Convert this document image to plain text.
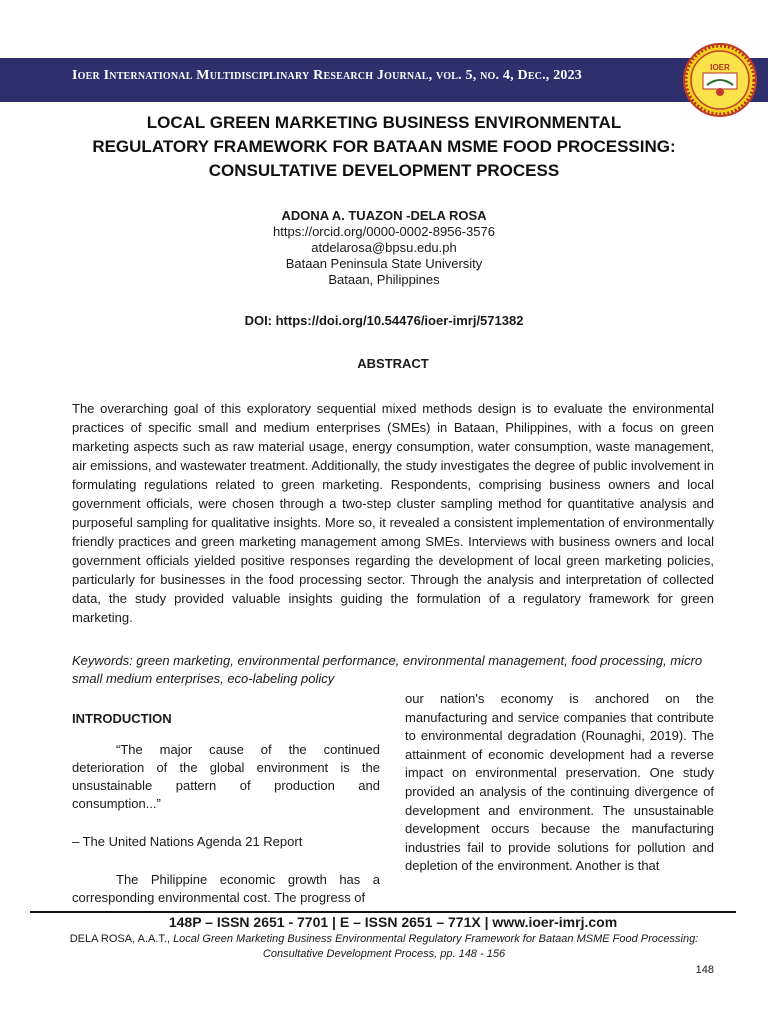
Ioer International Multidisciplinary Research Journal, vol. 5, no. 4, Dec., 2023
IOER
LOCAL GREEN MARKETING BUSINESS ENVIRONMENTAL
REGULATORY FRAMEWORK FOR BATAAN MSME FOOD PROCESSING:
CONSULTATIVE DEVELOPMENT PROCESS
ADONA A. TUAZON -DELA ROSA
https://orcid.org/0000-0002-8956-3576
atdelarosa@bpsu.edu.ph
Bataan Peninsula State University
Bataan, Philippines
DOI: https://doi.org/10.54476/ioer-imrj/571382
ABSTRACT

The overarching goal of this exploratory sequential mixed methods design is to evaluate the environmental practices of specific small and medium enterprises (SMEs) in Bataan, Philippines, with a focus on green marketing aspects such as raw material usage, energy consumption, water consumption, waste management, air emissions, and wastewater treatment. Additionally, the study investigates the degree of public involvement in formulating regulations related to green marketing. Respondents, comprising business owners and local government officials, were chosen through a two-step cluster sampling method for quantitative analysis and purposeful sampling for qualitative insights. More so, it revealed a consistent implementation of environmentally friendly practices and green marketing management among SMEs. Interviews with business owners and local government officials yielded positive responses regarding the development of local green marketing policies, particularly for businesses in the food processing sector. Through the analysis and interpretation of collected data, the study provided valuable insights guiding the formulation of a regulatory framework for green marketing.

Keywords: green marketing, environmental performance, environmental management, food processing, micro small medium enterprises, eco-labeling policy

INTRODUCTION

“The major cause of the continued deterioration of the global environment is the unsustainable pattern of production and consumption...”

– The United Nations Agenda 21 Report

The Philippine economic growth has a corresponding environmental cost. The progress of

our nation's economy is anchored on the manufacturing and service companies that contribute to environmental degradation (Rounaghi, 2019). The attainment of economic development had a reverse impact on environmental preservation. One study provided an analysis of the continuing divergence of development and environment. The unsustainable development occurs because the manufacturing industries fail to provide solutions for pollution and depletion of the environment. Another is that

148P – ISSN 2651 - 7701 | E – ISSN 2651 – 771X | www.ioer-imrj.com
DELA ROSA, A.A.T., Local Green Marketing Business Environmental Regulatory Framework for Bataan MSME Food Processing: Consultative Development Process, pp. 148 - 156
148
